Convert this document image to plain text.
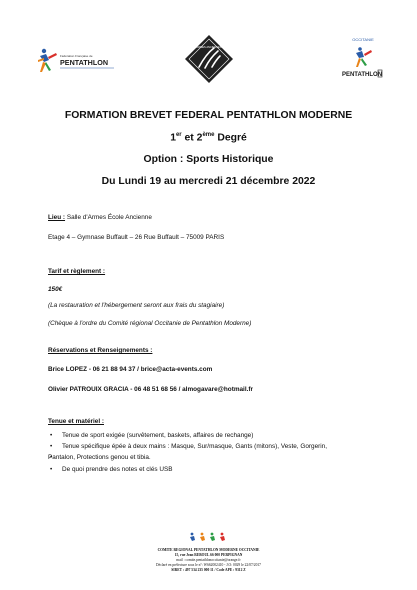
Fédération Française de
PENTATHLON
ARMES ANCIENNES
OCCITANIE
PENTATHLON
FORMATION BREVET FEDERAL PENTATHLON MODERNE
1er et 2ème Degré
Option : Sports Historique
Du Lundi 19 au mercredi 21 décembre 2022
Lieu : Salle d'Armes École Ancienne
Etage 4 – Gymnase Buffault – 26 Rue Buffault – 75009 PARIS
Tarif et règlement :
150€
(La restauration et l'hébergement seront aux frais du stagiaire)
(Chèque à l'ordre du Comité régional Occitanie de Pentathlon Moderne)
Réservations et Renseignements :
Brice LOPEZ - 06 21 88 94 37 / brice@acta-events.com
Olivier PATROUIX GRACIA - 06 48 51 68 56 / almogavare@hotmail.fr
Tenue et matériel :
• Tenue de sport exigée (survêtement, baskets, affaires de rechange)
• Tenue spécifique épée à deux mains : Masque, Sur/masque, Gants (mitons), Veste, Gorgerin,
• Pantalon, Protections genou et tibia.
• De quoi prendre des notes et clés USB
COMITE REGIONAL PENTATHLON MODERNE OCCITANIE
15, rue Jean REBOUL 66 000 PERPIGNAN
mail : comite.pentathlonoccitanie@orange.fr
Déclaré en préfecture sous le n°: W662002410 - J.O: 0029 le 22/07/2017
SIRET : 497 534 235 000 11 / Code APE : 9312 Z
